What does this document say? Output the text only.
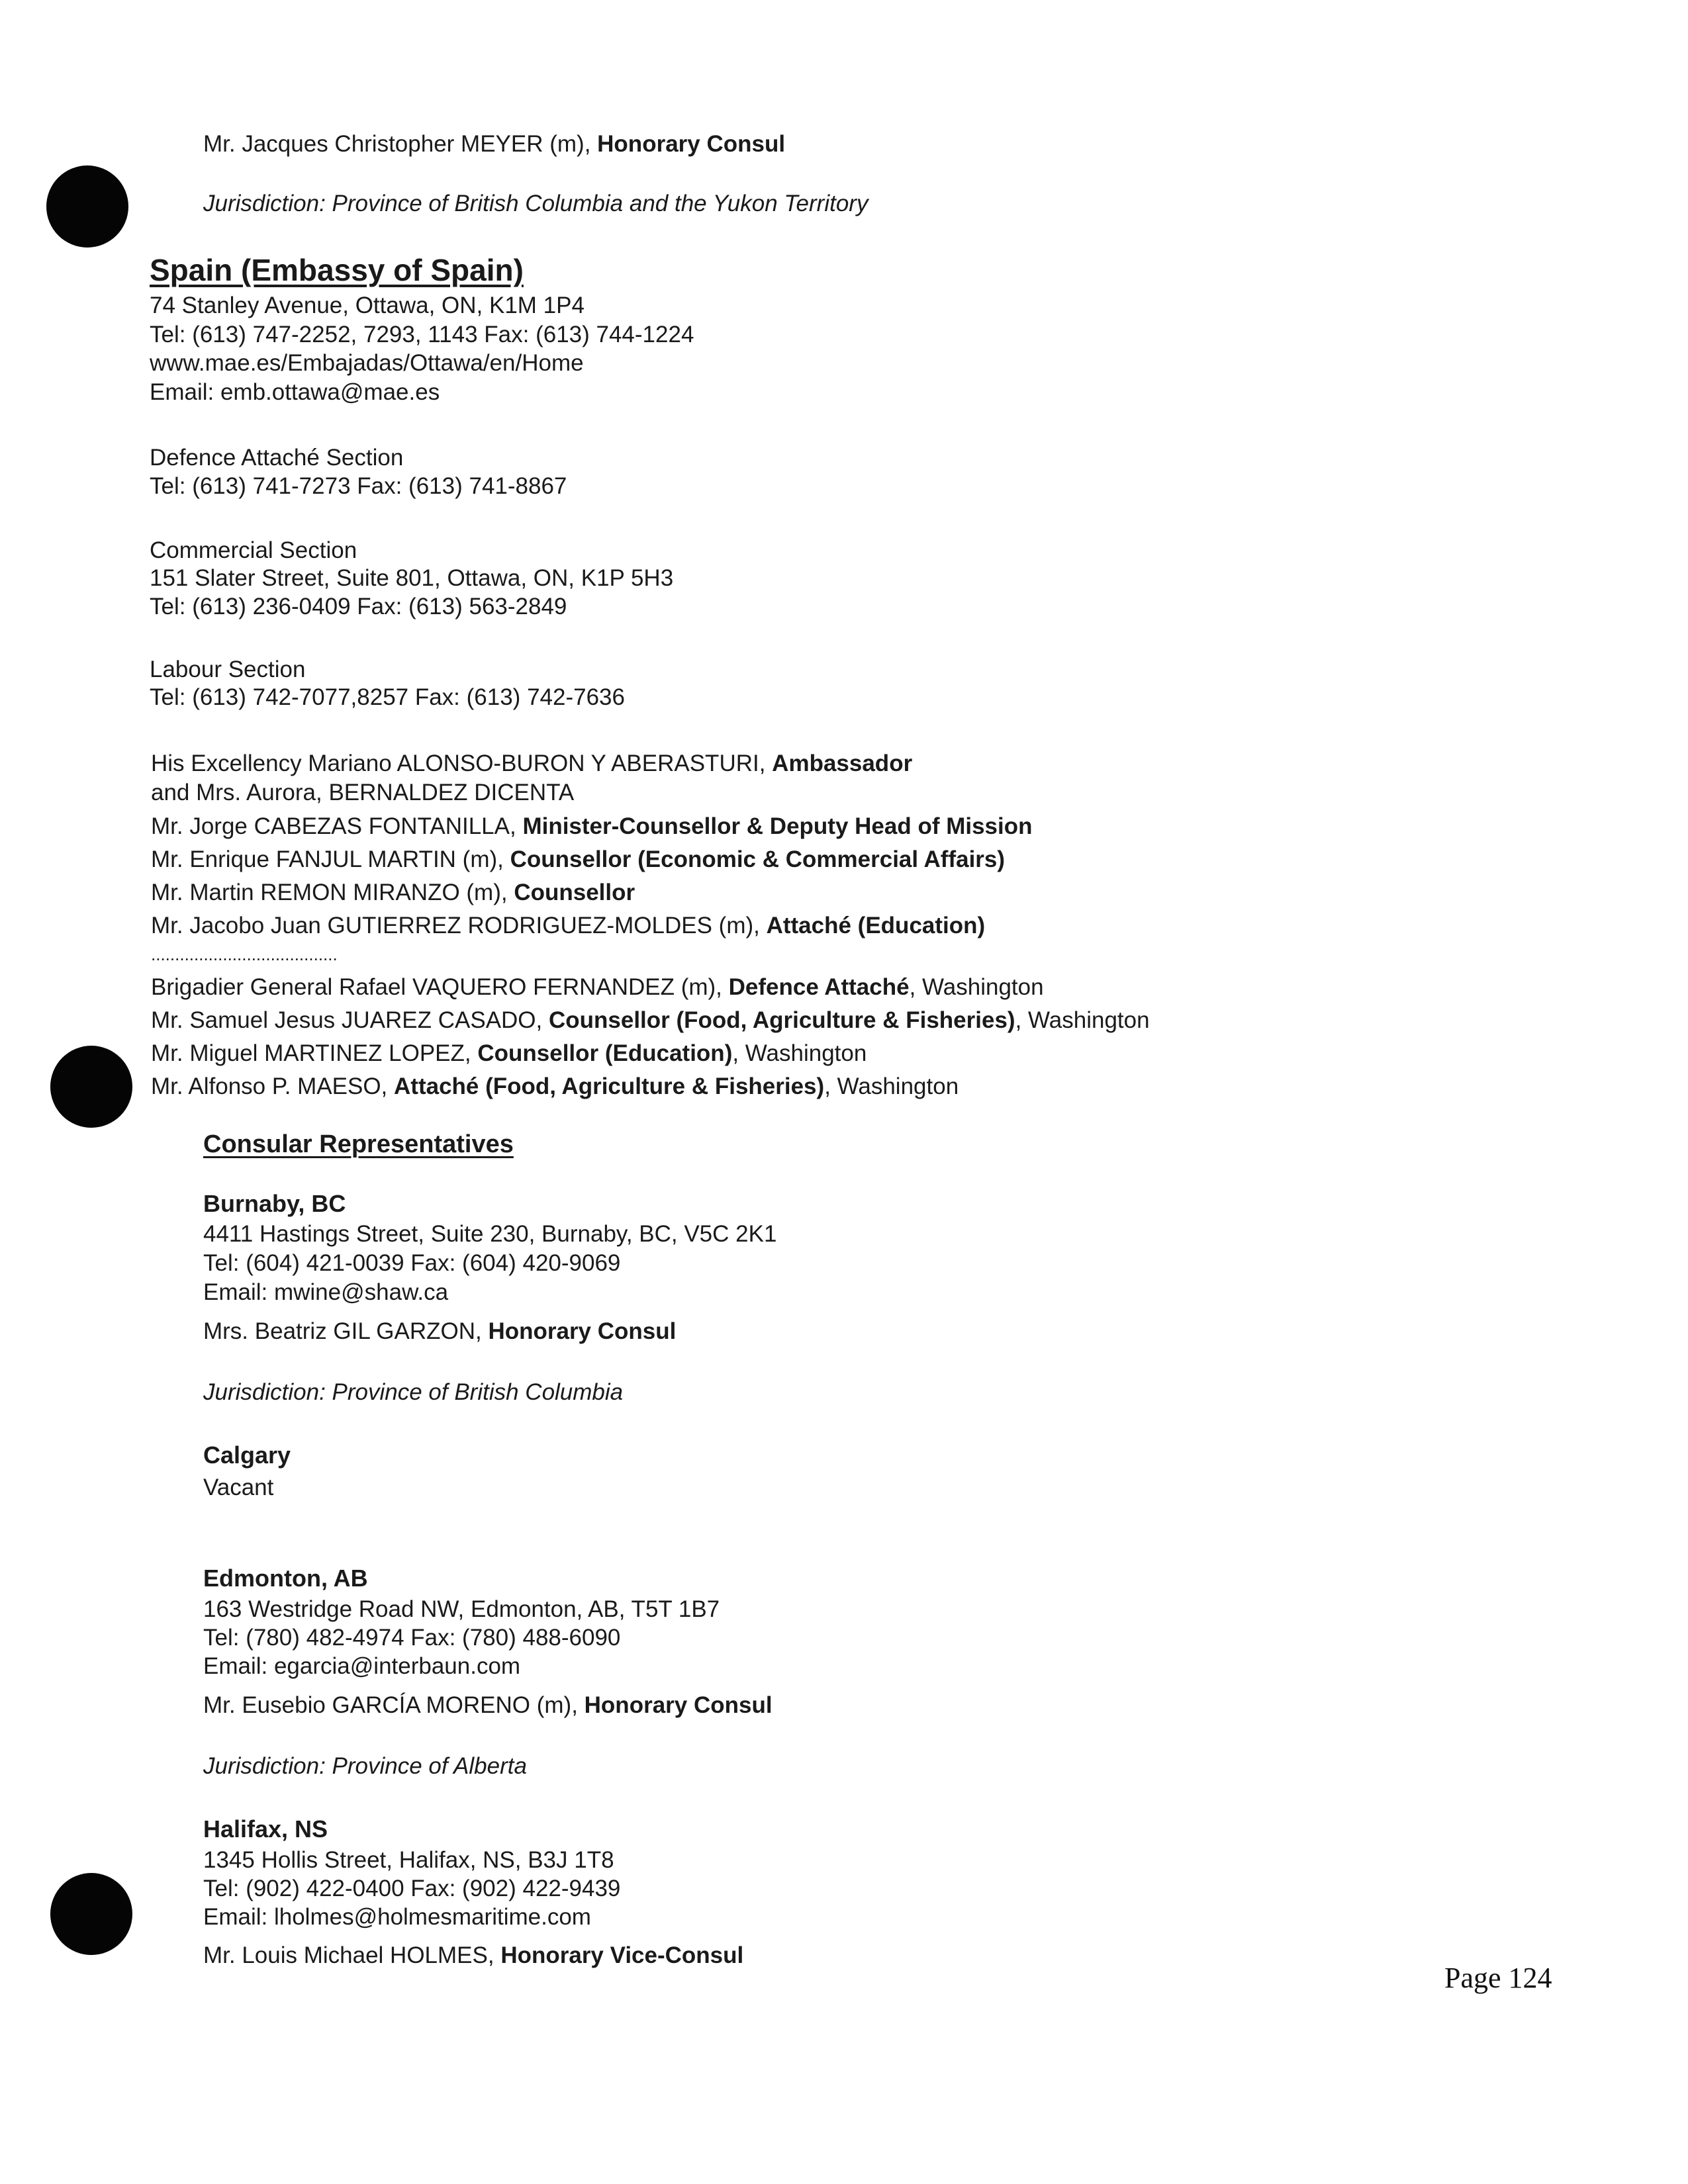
Mr. Jacques Christopher MEYER (m), Honorary Consul
Jurisdiction: Province of British Columbia and the Yukon Territory
Spain (Embassy of Spain)
74 Stanley Avenue, Ottawa, ON, K1M 1P4
Tel: (613) 747-2252, 7293, 1143 Fax: (613) 744-1224
www.mae.es/Embajadas/Ottawa/en/Home
Email: emb.ottawa@mae.es
Defence Attaché Section
Tel: (613) 741-7273 Fax: (613) 741-8867
Commercial Section
151 Slater Street, Suite 801, Ottawa, ON, K1P 5H3
Tel: (613) 236-0409 Fax: (613) 563-2849
Labour Section
Tel: (613) 742-7077,8257 Fax: (613) 742-7636
His Excellency Mariano ALONSO-BURON Y ABERASTURI, Ambassador
and Mrs. Aurora, BERNALDEZ DICENTA
Mr. Jorge CABEZAS FONTANILLA, Minister-Counsellor & Deputy Head of Mission
Mr. Enrique FANJUL MARTIN (m), Counsellor (Economic & Commercial Affairs)
Mr. Martin REMON MIRANZO (m), Counsellor
Mr. Jacobo Juan GUTIERREZ RODRIGUEZ-MOLDES (m), Attaché (Education)
.......................................
Brigadier General Rafael VAQUERO FERNANDEZ (m), Defence Attaché, Washington
Mr. Samuel Jesus JUAREZ CASADO, Counsellor (Food, Agriculture & Fisheries), Washington
Mr. Miguel MARTINEZ LOPEZ, Counsellor (Education), Washington
Mr. Alfonso P. MAESO, Attaché (Food, Agriculture & Fisheries), Washington
Consular Representatives
Burnaby, BC
4411 Hastings Street, Suite 230, Burnaby, BC, V5C 2K1
Tel: (604) 421-0039 Fax: (604) 420-9069
Email: mwine@shaw.ca
Mrs. Beatriz GIL GARZON, Honorary Consul
Jurisdiction: Province of British Columbia
Calgary
Vacant
Edmonton, AB
163 Westridge Road NW, Edmonton, AB, T5T 1B7
Tel: (780) 482-4974 Fax: (780) 488-6090
Email: egarcia@interbaun.com
Mr. Eusebio GARCÍA MORENO (m), Honorary Consul
Jurisdiction: Province of Alberta
Halifax, NS
1345 Hollis Street, Halifax, NS, B3J 1T8
Tel: (902) 422-0400 Fax: (902) 422-9439
Email: lholmes@holmesmaritime.com
Mr. Louis Michael HOLMES, Honorary Vice-Consul
Page 124
